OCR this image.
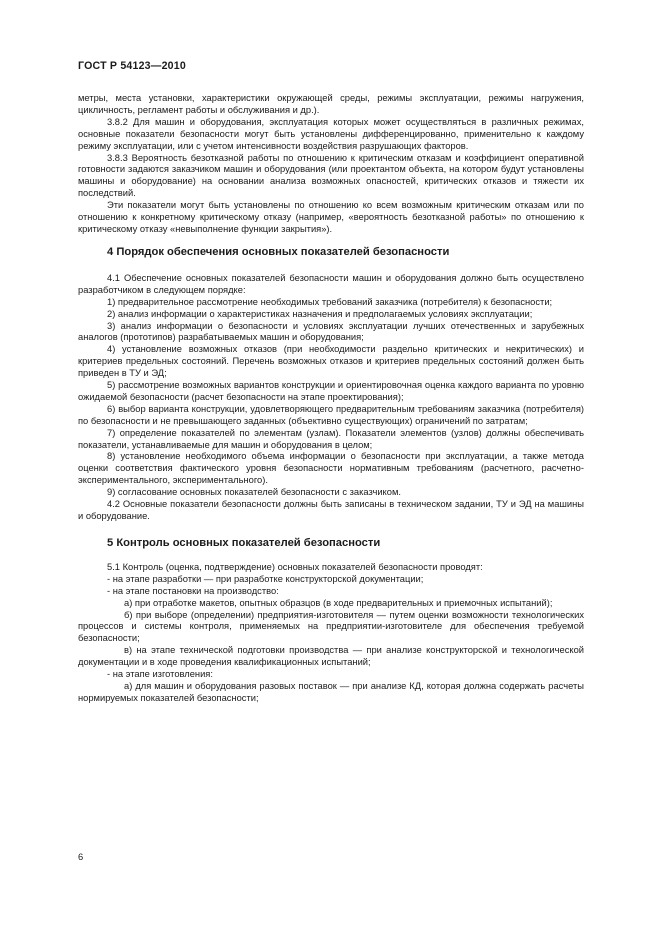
ГОСТ Р 54123—2010

метры, места установки, характеристики окружающей среды, режимы эксплуатации, режимы нагружения, цикличность, регламент работы и обслуживания и др.).

3.8.2 Для машин и оборудования, эксплуатация которых может осуществляться в различных режимах, основные показатели безопасности могут быть установлены дифференцированно, применительно к каждому режиму эксплуатации, или с учетом интенсивности воздействия разрушающих факторов.

3.8.3 Вероятность безотказной работы по отношению к критическим отказам и коэффициент оперативной готовности задаются заказчиком машин и оборудования (или проектантом объекта, на котором будут установлены машины и оборудование) на основании анализа возможных опасностей, критических отказов и тяжести их последствий.

Эти показатели могут быть установлены по отношению ко всем возможным критическим отказам или по отношению к конкретному критическому отказу (например, «вероятность безотказной работы» по отношению к критическому отказу «невыполнение функции закрытия»).

4 Порядок обеспечения основных показателей безопасности

4.1 Обеспечение основных показателей безопасности машин и оборудования должно быть осуществлено разработчиком в следующем порядке:

1) предварительное рассмотрение необходимых требований заказчика (потребителя) к безопасности;

2) анализ информации о характеристиках назначения и предполагаемых условиях эксплуатации;

3) анализ информации о безопасности и условиях эксплуатации лучших отечественных и зарубежных аналогов (прототипов) разрабатываемых машин и оборудования;

4) установление возможных отказов (при необходимости раздельно критических и некритических) и критериев предельных состояний. Перечень возможных отказов и критериев предельных состояний должен быть приведен в ТУ и ЭД;

5) рассмотрение возможных вариантов конструкции и ориентировочная оценка каждого варианта по уровню ожидаемой безопасности (расчет безопасности на этапе проектирования);

6) выбор варианта конструкции, удовлетворяющего предварительным требованиям заказчика (потребителя) по безопасности и не превышающего заданных (объективно существующих) ограничений по затратам;

7) определение показателей по элементам (узлам). Показатели элементов (узлов) должны обеспечивать показатели, устанавливаемые для машин и оборудования в целом;

8) установление необходимого объема информации о безопасности при эксплуатации, а также метода оценки соответствия фактического уровня безопасности нормативным требованиям (расчетного, расчетно-экспериментального, экспериментального).

9) согласование основных показателей безопасности с заказчиком.

4.2 Основные показатели безопасности должны быть записаны в техническом задании, ТУ и ЭД на машины и оборудование.

5 Контроль основных показателей безопасности

5.1 Контроль (оценка, подтверждение) основных показателей безопасности проводят:

- на этапе разработки — при разработке конструкторской документации;

- на этапе постановки на производство:

а) при отработке макетов, опытных образцов (в ходе предварительных и приемочных испытаний);

б) при выборе (определении) предприятия-изготовителя — путем оценки возможности технологических процессов и системы контроля, применяемых на предприятии-изготовителе для обеспечения требуемой безопасности;

в) на этапе технической подготовки производства — при анализе конструкторской и технологической документации и в ходе проведения квалификационных испытаний;

- на этапе изготовления:

а) для машин и оборудования разовых поставок — при анализе КД, которая должна содержать расчеты нормируемых показателей безопасности;

6
